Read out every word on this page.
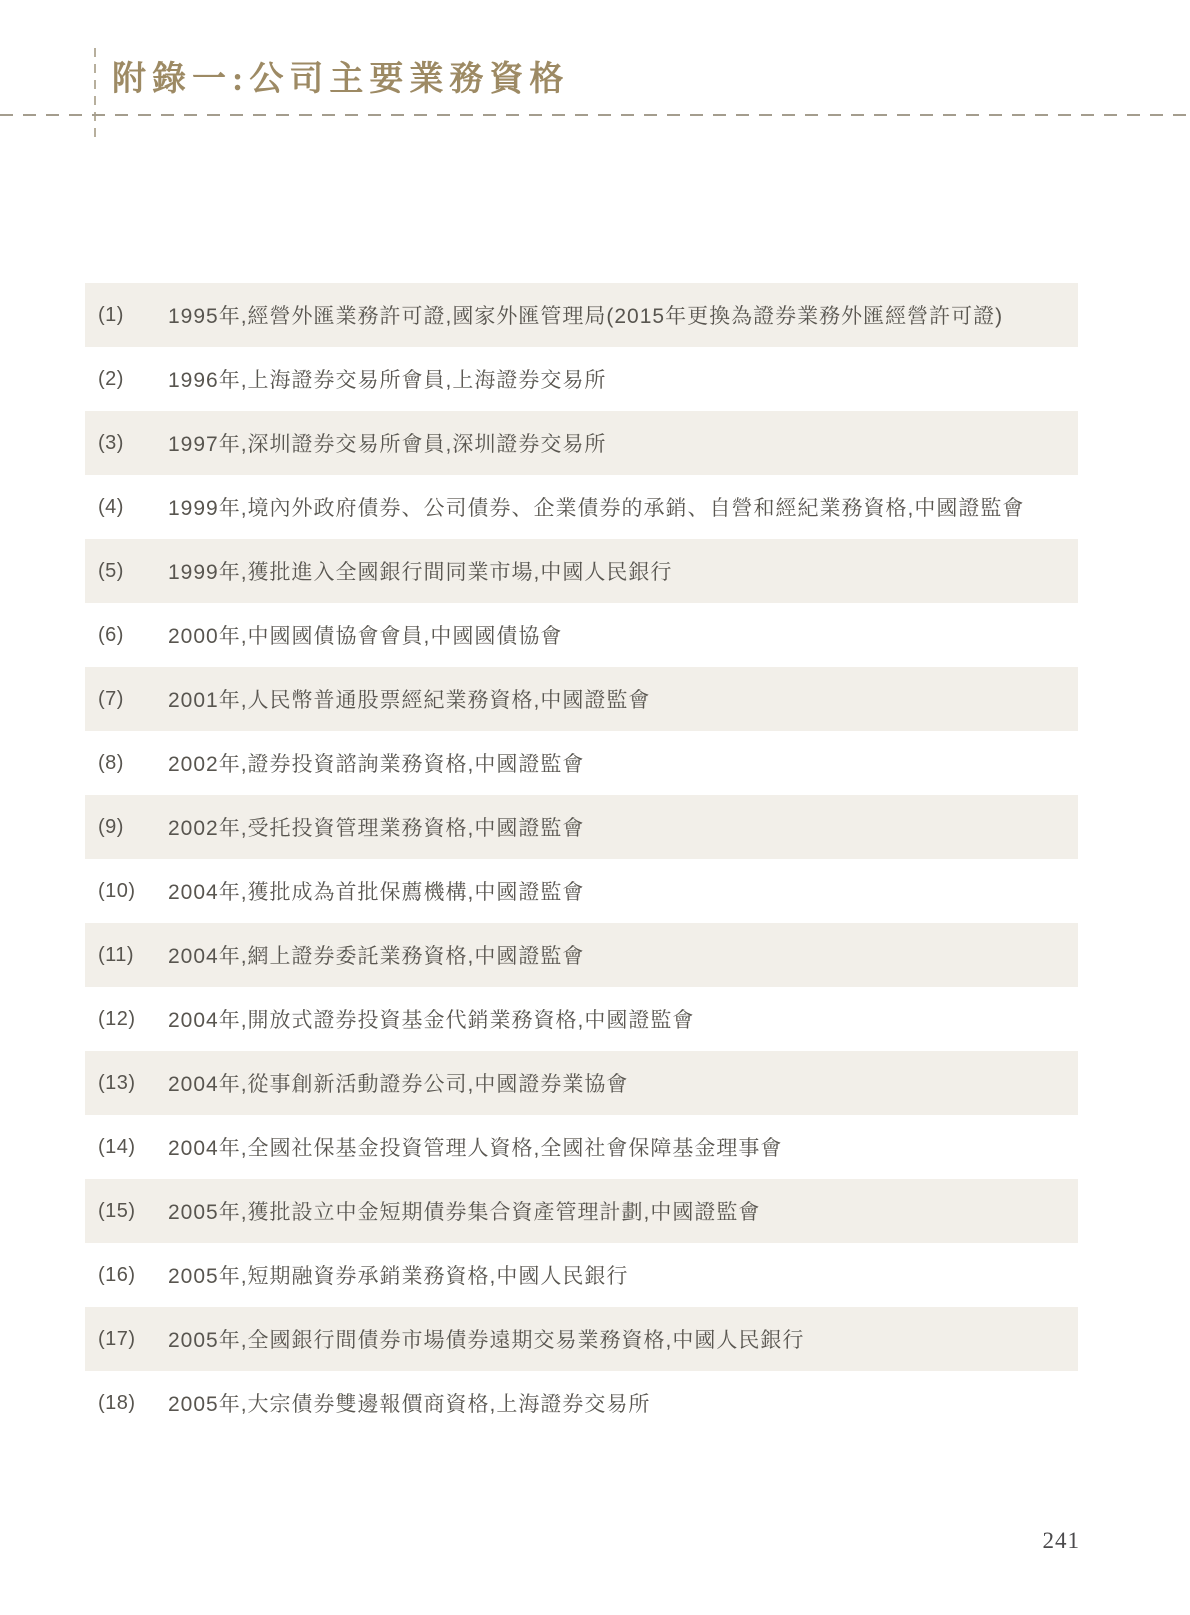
附錄一:公司主要業務資格
(1)	1995年,經營外匯業務許可證,國家外匯管理局(2015年更換為證券業務外匯經營許可證)
(2)	1996年,上海證券交易所會員,上海證券交易所
(3)	1997年,深圳證券交易所會員,深圳證券交易所
(4)	1999年,境內外政府債券、公司債券、企業債券的承銷、自營和經紀業務資格,中國證監會
(5)	1999年,獲批進入全國銀行間同業市場,中國人民銀行
(6)	2000年,中國國債協會會員,中國國債協會
(7)	2001年,人民幣普通股票經紀業務資格,中國證監會
(8)	2002年,證券投資諮詢業務資格,中國證監會
(9)	2002年,受托投資管理業務資格,中國證監會
(10)	2004年,獲批成為首批保薦機構,中國證監會
(11)	2004年,網上證券委託業務資格,中國證監會
(12)	2004年,開放式證券投資基金代銷業務資格,中國證監會
(13)	2004年,從事創新活動證券公司,中國證券業協會
(14)	2004年,全國社保基金投資管理人資格,全國社會保障基金理事會
(15)	2005年,獲批設立中金短期債券集合資產管理計劃,中國證監會
(16)	2005年,短期融資券承銷業務資格,中國人民銀行
(17)	2005年,全國銀行間債券市場債券遠期交易業務資格,中國人民銀行
(18)	2005年,大宗債券雙邊報價商資格,上海證券交易所
241
